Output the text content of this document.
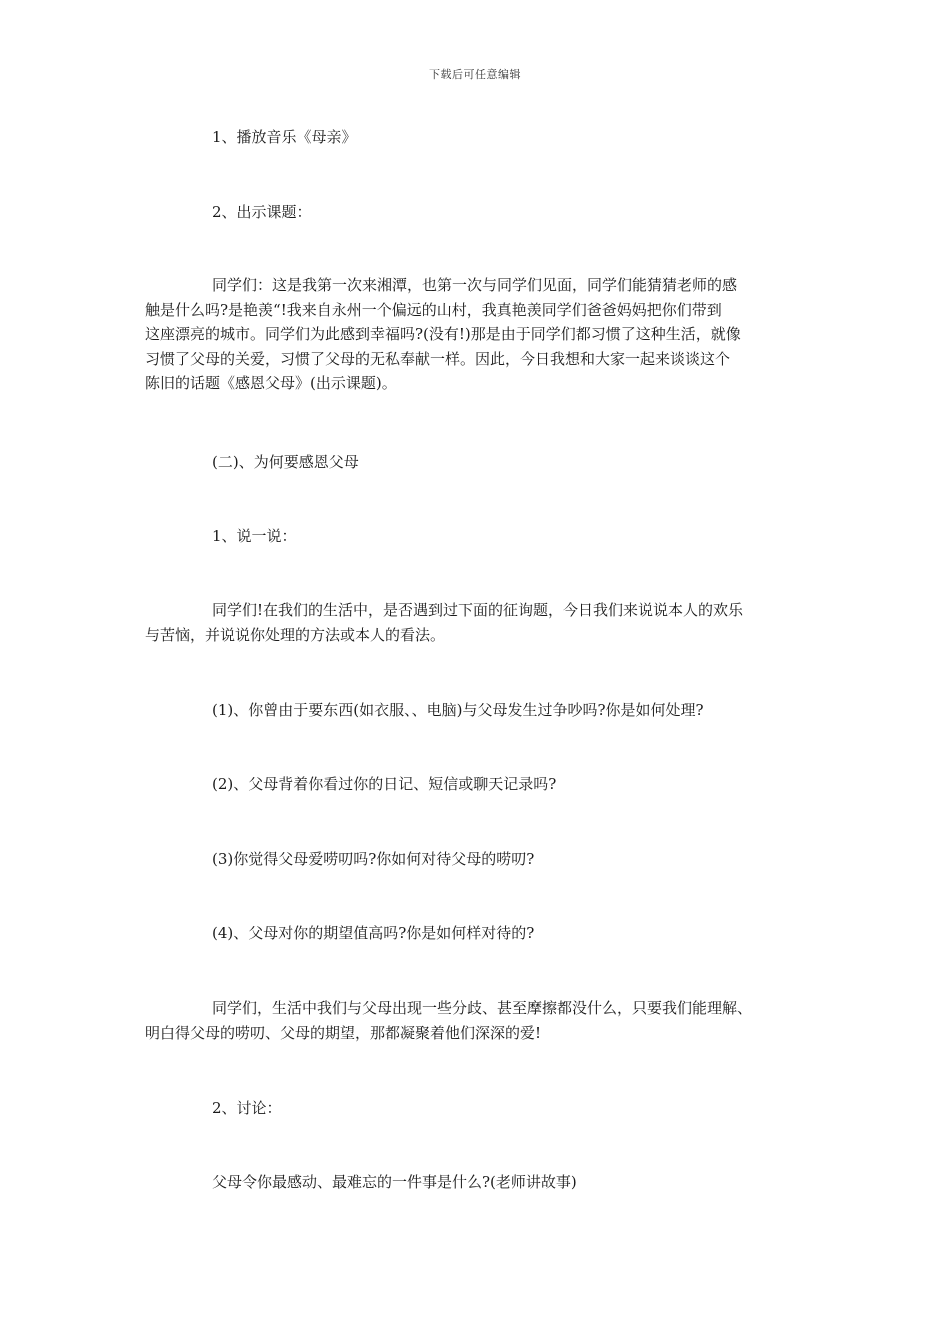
下载后可任意编辑
1、播放音乐《母亲》
2、出示课题：

同学们：这是我第一次来湘潭，也第一次与同学们见面，同学们能猜猜老师的感

触是什么吗?是艳羡“!我来自永州一个偏远的山村，我真艳羡同学们爸爸妈妈把你们带到

这座漂亮的城市。同学们为此感到幸福吗?(没有!)那是由于同学们都习惯了这种生活，就像

习惯了父母的关爱，习惯了父母的无私奉献一样。因此，今日我想和大家一起来谈谈这个

陈旧的话题《感恩父母》(出示课题)。

(二)、为何要感恩父母
1、说一说：

同学们!在我们的生活中，是否遇到过下面的征询题，今日我们来说说本人的欢乐

与苦恼，并说说你处理的方法或本人的看法。

(1)、你曾由于要东西(如衣服、、电脑)与父母发生过争吵吗?你是如何处理?
(2)、父母背着你看过你的日记、短信或聊天记录吗?
(3)你觉得父母爱唠叨吗?你如何对待父母的唠叨?
(4)、父母对你的期望值高吗?你是如何样对待的?

同学们，生活中我们与父母出现一些分歧、甚至摩擦都没什么，只要我们能理解、

明白得父母的唠叨、父母的期望，那都凝聚着他们深深的爱!

2、讨论：
父母令你最感动、最难忘的一件事是什么?(老师讲故事)
